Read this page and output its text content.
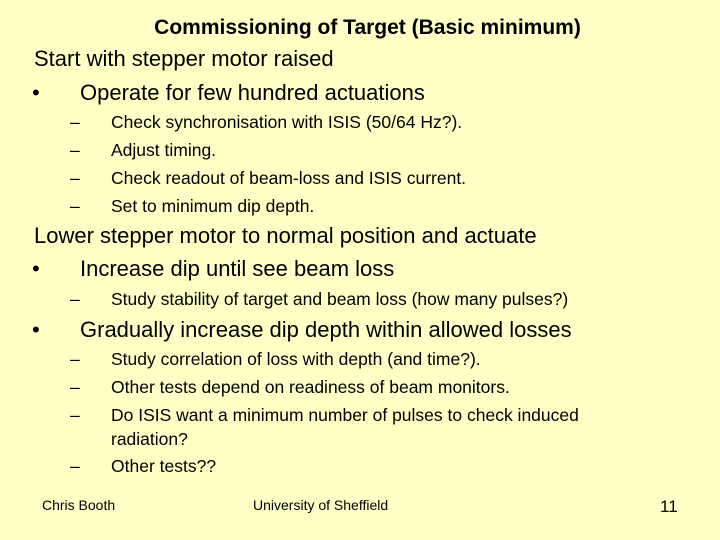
Commissioning of Target (Basic minimum)
Start with stepper motor raised
• Operate for few hundred actuations
– Check synchronisation with ISIS (50/64 Hz?).
– Adjust timing.
– Check readout of beam-loss and ISIS current.
– Set to minimum dip depth.
Lower stepper motor to normal position and actuate
• Increase dip until see beam loss
– Study stability of target and beam loss (how many pulses?)
• Gradually increase dip depth within allowed losses
– Study correlation of loss with depth (and time?).
– Other tests depend on readiness of beam monitors.
– Do ISIS want a minimum number of pulses to check induced
radiation?
– Other tests??
Chris Booth	University of Sheffield	11
